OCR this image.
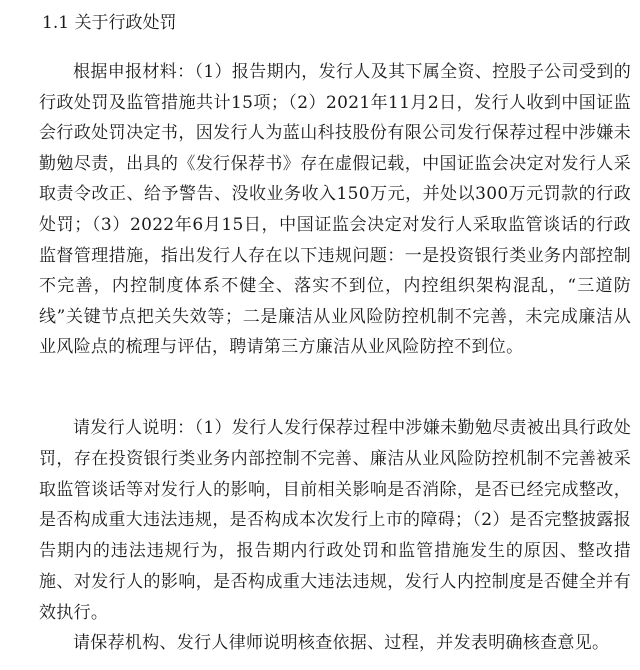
1.1 关于行政处罚
根据申报材料：（1）报告期内，发行人及其下属全资、控股子公司受到的行政处罚及监管措施共计15项；（2）2021年11月2日，发行人收到中国证监会行政处罚决定书，因发行人为蓝山科技股份有限公司发行保荐过程中涉嫌未勤勉尽责，出具的《发行保荐书》存在虚假记载，中国证监会决定对发行人采取责令改正、给予警告、没收业务收入150万元，并处以300万元罚款的行政处罚；（3）2022年6月15日，中国证监会决定对发行人采取监管谈话的行政监督管理措施，指出发行人存在以下违规问题：一是投资银行类业务内部控制不完善，内控制度体系不健全、落实不到位，内控组织架构混乱，“三道防线”关键节点把关失效等；二是廉洁从业风险防控机制不完善，未完成廉洁从业风险点的梳理与评估，聘请第三方廉洁从业风险防控不到位。
请发行人说明：（1）发行人发行保荐过程中涉嫌未勤勉尽责被出具行政处罚，存在投资银行类业务内部控制不完善、廉洁从业风险防控机制不完善被采取监管谈话等对发行人的影响，目前相关影响是否消除，是否已经完成整改，是否构成重大违法违规，是否构成本次发行上市的障碍；（2）是否完整披露报告期内的违法违规行为，报告期内行政处罚和监管措施发生的原因、整改措施、对发行人的影响，是否构成重大违法违规，发行人内控制度是否健全并有效执行。
请保荐机构、发行人律师说明核查依据、过程，并发表明确核查意见。
